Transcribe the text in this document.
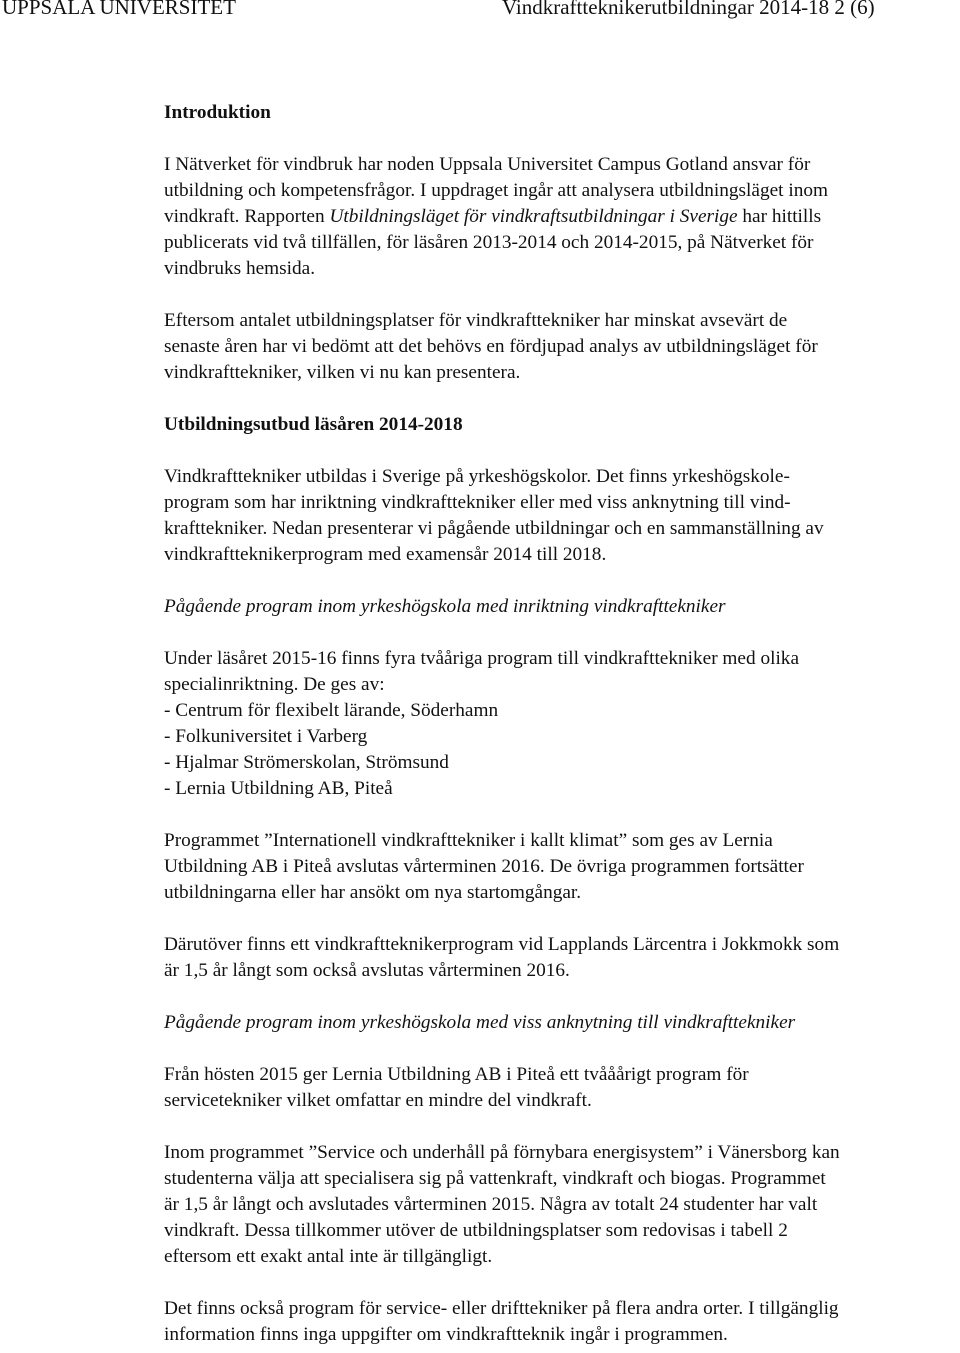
UPPSALA UNIVERSITET	Vindkraftteknikerutbildningar 2014-18 2 (6)
Introduktion
I Nätverket för vindbruk har noden Uppsala Universitet Campus Gotland ansvar för
utbildning och kompetensfrågor. I uppdraget ingår att analysera utbildningsläget inom
vindkraft. Rapporten Utbildningsläget för vindkraftsutbildningar i Sverige har hittills
publicerats vid två tillfällen, för läsåren 2013-2014 och 2014-2015, på Nätverket för
vindbruks hemsida.
Eftersom antalet utbildningsplatser för vindkrafttekniker har minskat avsevärt de
senaste åren har vi bedömt att det behövs en fördjupad analys av utbildningsläget för
vindkrafttekniker, vilken vi nu kan presentera.
Utbildningsutbud läsåren 2014-2018
Vindkrafttekniker utbildas i Sverige på yrkeshögskolor. Det finns yrkeshögskole-
program som har inriktning vindkrafttekniker eller med viss anknytning till vind-
krafttekniker. Nedan presenterar vi pågående utbildningar och en sammanställning av
vindkraftteknikerprogram med examensår 2014 till 2018.
Pågående program inom yrkeshögskola med inriktning vindkrafttekniker
Under läsåret 2015-16 finns fyra tvååriga program till vindkrafttekniker med olika
specialinriktning. De ges av:
- Centrum för flexibelt lärande, Söderhamn
- Folkuniversitet i Varberg
- Hjalmar Strömerskolan, Strömsund
- Lernia Utbildning AB, Piteå
Programmet ”Internationell vindkrafttekniker i kallt klimat” som ges av Lernia
Utbildning AB i Piteå avslutas vårterminen 2016. De övriga programmen fortsätter
utbildningarna eller har ansökt om nya startomgångar.
Därutöver finns ett vindkraftteknikerprogram vid Lapplands Lärcentra i Jokkmokk som
är 1,5 år långt som också avslutas vårterminen 2016.
Pågående program inom yrkeshögskola med viss anknytning till vindkrafttekniker
Från hösten 2015 ger Lernia Utbildning AB i Piteå ett tvååårigt program för
servicetekniker vilket omfattar en mindre del vindkraft.
Inom programmet ”Service och underhåll på förnybara energisystem” i Vänersborg kan
studenterna välja att specialisera sig på vattenkraft, vindkraft och biogas. Programmet
är 1,5 år långt och avslutades vårterminen 2015. Några av totalt 24 studenter har valt
vindkraft. Dessa tillkommer utöver de utbildningsplatser som redovisas i tabell 2
eftersom ett exakt antal inte är tillgängligt.
Det finns också program för service- eller drifttekniker på flera andra orter. I tillgänglig
information finns inga uppgifter om vindkraftteknik ingår i programmen.
